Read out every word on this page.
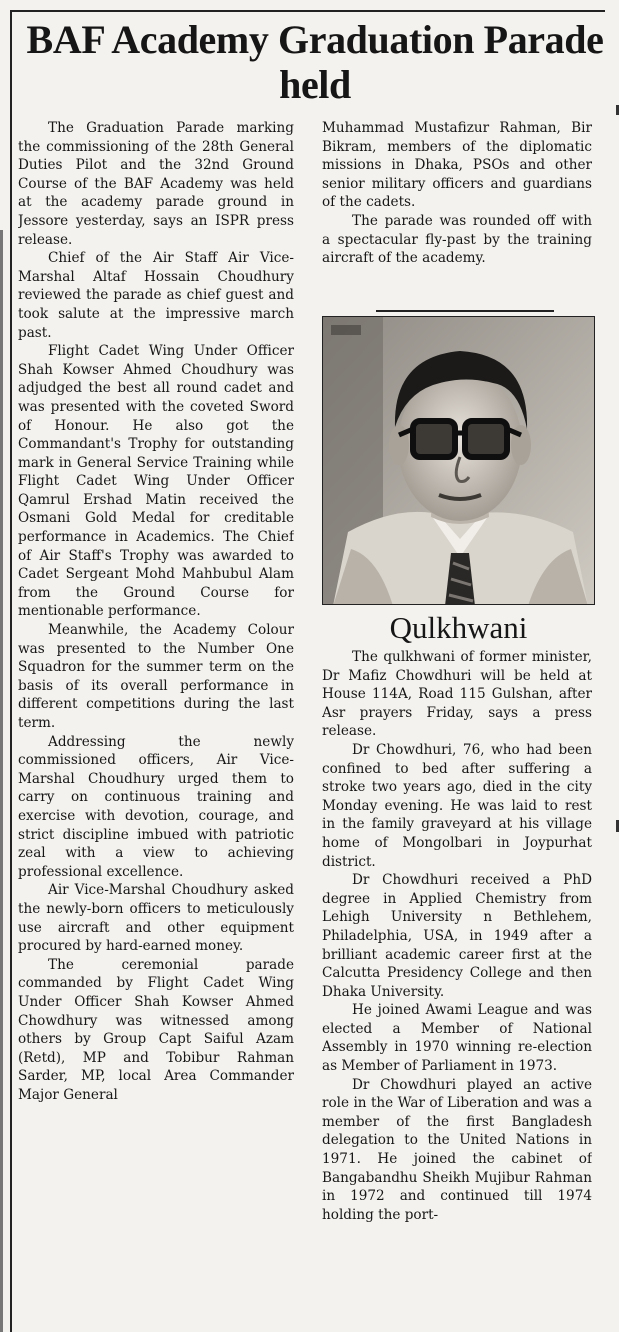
BAF Academy Graduation Parade held

The Graduation Parade marking the commissioning of the 28th General Duties Pilot and the 32nd Ground Course of the BAF Academy was held at the academy parade ground in Jessore yesterday, says an ISPR press release.

Chief of the Air Staff Air Vice-Marshal Altaf Hossain Choudhury reviewed the parade as chief guest and took salute at the impressive march past.

Flight Cadet Wing Under Officer Shah Kowser Ahmed Choudhury was adjudged the best all round cadet and was presented with the coveted Sword of Honour. He also got the Commandant's Trophy for outstanding mark in General Service Training while Flight Cadet Wing Under Officer Qamrul Ershad Matin received the Osmani Gold Medal for creditable performance in Academics. The Chief of Air Staff's Trophy was awarded to Cadet Sergeant Mohd Mahbubul Alam from the Ground Course for mentionable performance.

Meanwhile, the Academy Colour was presented to the Number One Squadron for the summer term on the basis of its overall performance in different competitions during the last term.

Addressing the newly commissioned officers, Air Vice-Marshal Choudhury urged them to carry on continuous training and exercise with devotion, courage, and strict discipline imbued with patriotic zeal with a view to achieving professional excellence.

Air Vice-Marshal Choudhury asked the newly-born officers to meticulously use aircraft and other equipment procured by hard-earned money.

The ceremonial parade commanded by Flight Cadet Wing Under Officer Shah Kowser Ahmed Chowdhury was witnessed among others by Group Capt Saiful Azam (Retd), MP and Tobibur Rahman Sarder, MP, local Area Commander Major General

Muhammad Mustafizur Rahman, Bir Bikram, members of the diplomatic missions in Dhaka, PSOs and other senior military officers and guardians of the cadets.

The parade was rounded off with a spectacular fly-past by the training aircraft of the academy.

Qulkhwani

The qulkhwani of former minister, Dr Mafiz Chowdhuri will be held at House 114A, Road 115 Gulshan, after Asr prayers Friday, says a press release.

Dr Chowdhuri, 76, who had been confined to bed after suffering a stroke two years ago, died in the city Monday evening. He was laid to rest in the family graveyard at his village home of Mongolbari in Joypurhat district.

Dr Chowdhuri received a PhD degree in Applied Chemistry from Lehigh University n Bethlehem, Philadelphia, USA, in 1949 after a brilliant academic career first at the Calcutta Presidency College and then Dhaka University.

He joined Awami League and was elected a Member of National Assembly in 1970 winning re-election as Member of Parliament in 1973.

Dr Chowdhuri played an active role in the War of Liberation and was a member of the first Bangladesh delegation to the United Nations in 1971. He joined the cabinet of Bangabandhu Sheikh Mujibur Rahman in 1972 and continued till 1974 holding the port-
